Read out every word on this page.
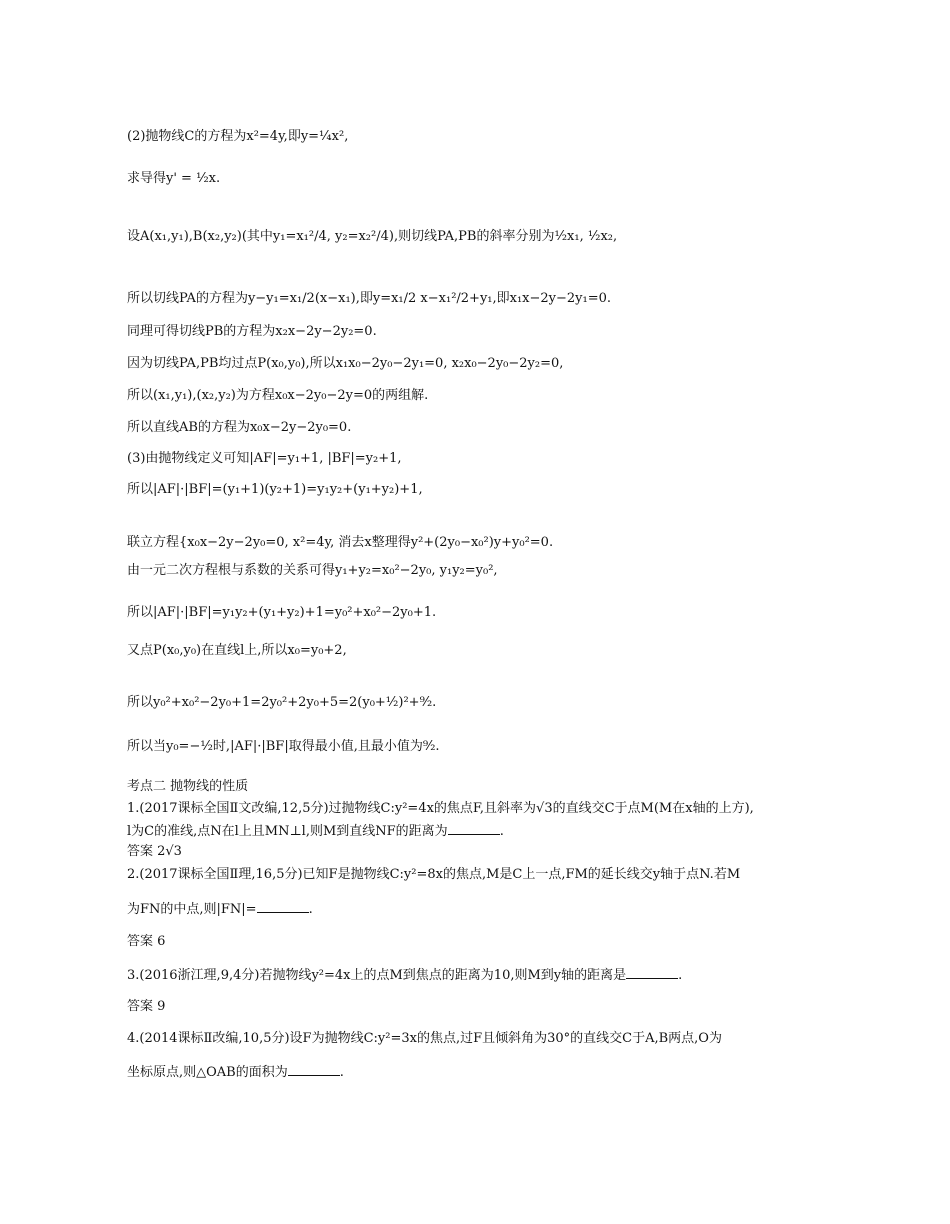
(2)抛物线C的方程为x²=4y,即y=¹⁄₄x²,
求导得y' = ¹⁄₂x.
设A(x₁,y₁),B(x₂,y₂)(其中y₁=x₁²/4, y₂=x₂²/4),则切线PA,PB的斜率分别为¹⁄₂x₁, ¹⁄₂x₂,
所以切线PA的方程为y−y₁=x₁/2(x−x₁),即y=x₁/2 x−x₁²/2+y₁,即x₁x−2y−2y₁=0.
同理可得切线PB的方程为x₂x−2y−2y₂=0.
因为切线PA,PB均过点P(x₀,y₀),所以x₁x₀−2y₀−2y₁=0, x₂x₀−2y₀−2y₂=0,
所以(x₁,y₁),(x₂,y₂)为方程x₀x−2y₀−2y=0的两组解.
所以直线AB的方程为x₀x−2y−2y₀=0.
(3)由抛物线定义可知|AF|=y₁+1, |BF|=y₂+1,
所以|AF|·|BF|=(y₁+1)(y₂+1)=y₁y₂+(y₁+y₂)+1,
联立方程{x₀x−2y−2y₀=0, x²=4y, 消去x整理得y²+(2y₀−x₀²)y+y₀²=0.
由一元二次方程根与系数的关系可得y₁+y₂=x₀²−2y₀, y₁y₂=y₀²,
所以|AF|·|BF|=y₁y₂+(y₁+y₂)+1=y₀²+x₀²−2y₀+1.
又点P(x₀,y₀)在直线l上,所以x₀=y₀+2,
所以y₀²+x₀²−2y₀+1=2y₀²+2y₀+5=2(y₀+¹⁄₂)²+⁹⁄₂.
所以当y₀=−¹⁄₂时,|AF|·|BF|取得最小值,且最小值为⁹⁄₂.
考点二 抛物线的性质
1.(2017课标全国Ⅱ文改编,12,5分)过抛物线C:y²=4x的焦点F,且斜率为√3的直线交C于点M(M在x轴的上方),
l为C的准线,点N在l上且MN⊥l,则M到直线NF的距离为	.
答案 2√3
2.(2017课标全国Ⅱ理,16,5分)已知F是抛物线C:y²=8x的焦点,M是C上一点,FM的延长线交y轴于点N.若M
为FN的中点,则|FN|=	.
答案 6
3.(2016浙江理,9,4分)若抛物线y²=4x上的点M到焦点的距离为10,则M到y轴的距离是	.
答案 9
4.(2014课标Ⅱ改编,10,5分)设F为抛物线C:y²=3x的焦点,过F且倾斜角为30°的直线交C于A,B两点,O为
坐标原点,则△OAB的面积为	.
